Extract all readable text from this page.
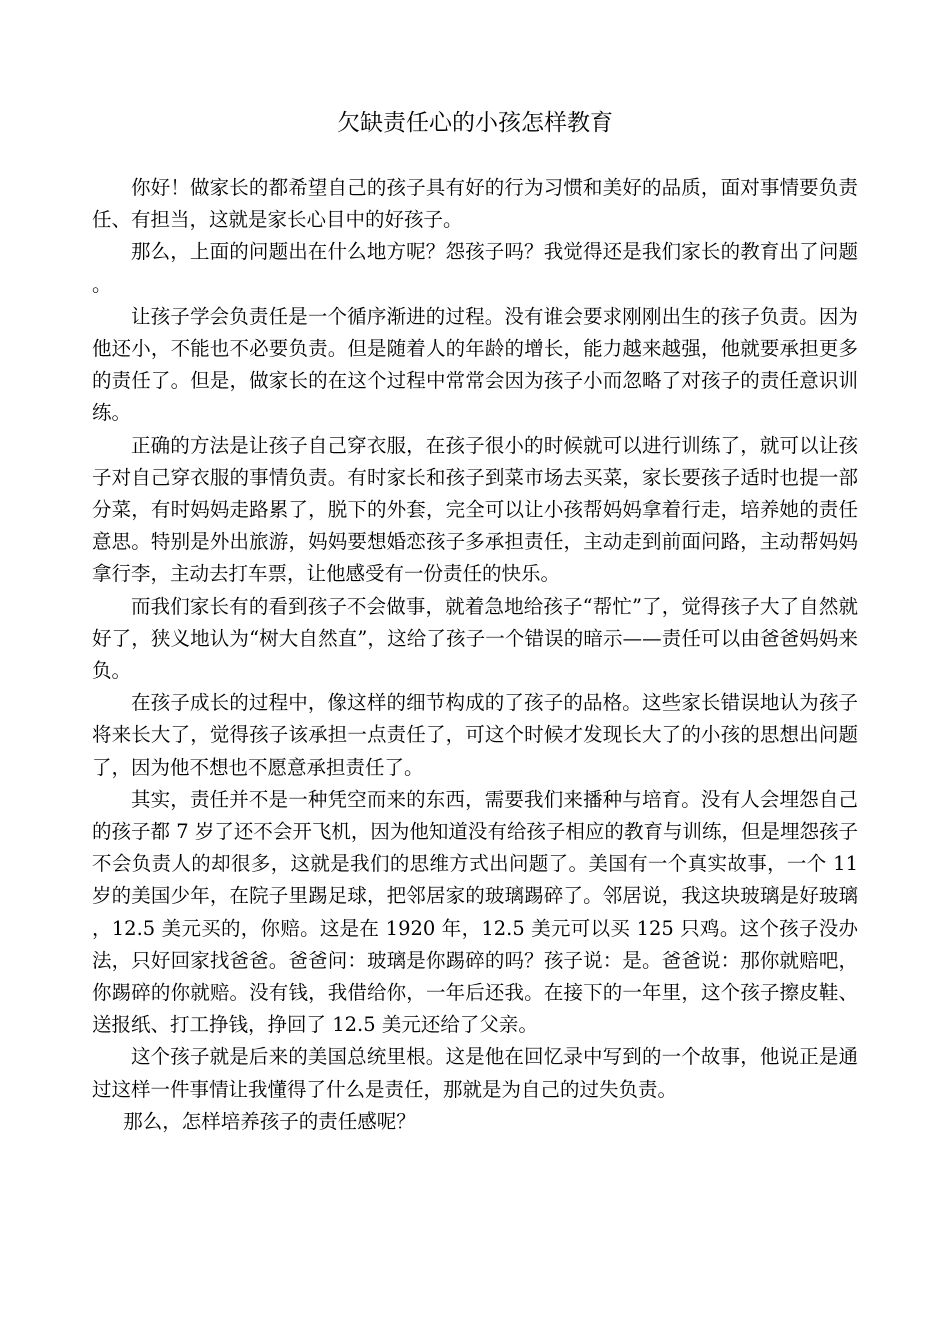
欠缺责任心的小孩怎样教育

你好！做家长的都希望自己的孩子具有好的行为习惯和美好的品质，面对事情要负责任、有担当，这就是家长心目中的好孩子。

那么，上面的问题出在什么地方呢？怨孩子吗？我觉得还是我们家长的教育出了问题。

让孩子学会负责任是一个循序渐进的过程。没有谁会要求刚刚出生的孩子负责。因为他还小，不能也不必要负责。但是随着人的年龄的增长，能力越来越强，他就要承担更多的责任了。但是，做家长的在这个过程中常常会因为孩子小而忽略了对孩子的责任意识训练。

正确的方法是让孩子自己穿衣服，在孩子很小的时候就可以进行训练了，就可以让孩子对自己穿衣服的事情负责。有时家长和孩子到菜市场去买菜，家长要孩子适时也提一部分菜，有时妈妈走路累了，脱下的外套，完全可以让小孩帮妈妈拿着行走，培养她的责任意思。特别是外出旅游，妈妈要想婚恋孩子多承担责任，主动走到前面问路，主动帮妈妈拿行李，主动去打车票，让他感受有一份责任的快乐。

而我们家长有的看到孩子不会做事，就着急地给孩子“帮忙”了，觉得孩子大了自然就好了，狭义地认为“树大自然直”，这给了孩子一个错误的暗示——责任可以由爸爸妈妈来负。

在孩子成长的过程中，像这样的细节构成的了孩子的品格。这些家长错误地认为孩子将来长大了，觉得孩子该承担一点责任了，可这个时候才发现长大了的小孩的思想出问题了，因为他不想也不愿意承担责任了。

其实，责任并不是一种凭空而来的东西，需要我们来播种与培育。没有人会埋怨自己的孩子都 7 岁了还不会开飞机，因为他知道没有给孩子相应的教育与训练，但是埋怨孩子不会负责人的却很多，这就是我们的思维方式出问题了。美国有一个真实故事，一个 11 岁的美国少年，在院子里踢足球，把邻居家的玻璃踢碎了。邻居说，我这块玻璃是好玻璃，12.5 美元买的，你赔。这是在 1920 年，12.5 美元可以买 125 只鸡。这个孩子没办法，只好回家找爸爸。爸爸问：玻璃是你踢碎的吗？孩子说：是。爸爸说：那你就赔吧，你踢碎的你就赔。没有钱，我借给你，一年后还我。在接下的一年里，这个孩子擦皮鞋、送报纸、打工挣钱，挣回了 12.5 美元还给了父亲。

这个孩子就是后来的美国总统里根。这是他在回忆录中写到的一个故事，他说正是通过这样一件事情让我懂得了什么是责任，那就是为自己的过失负责。

那么，怎样培养孩子的责任感呢？
